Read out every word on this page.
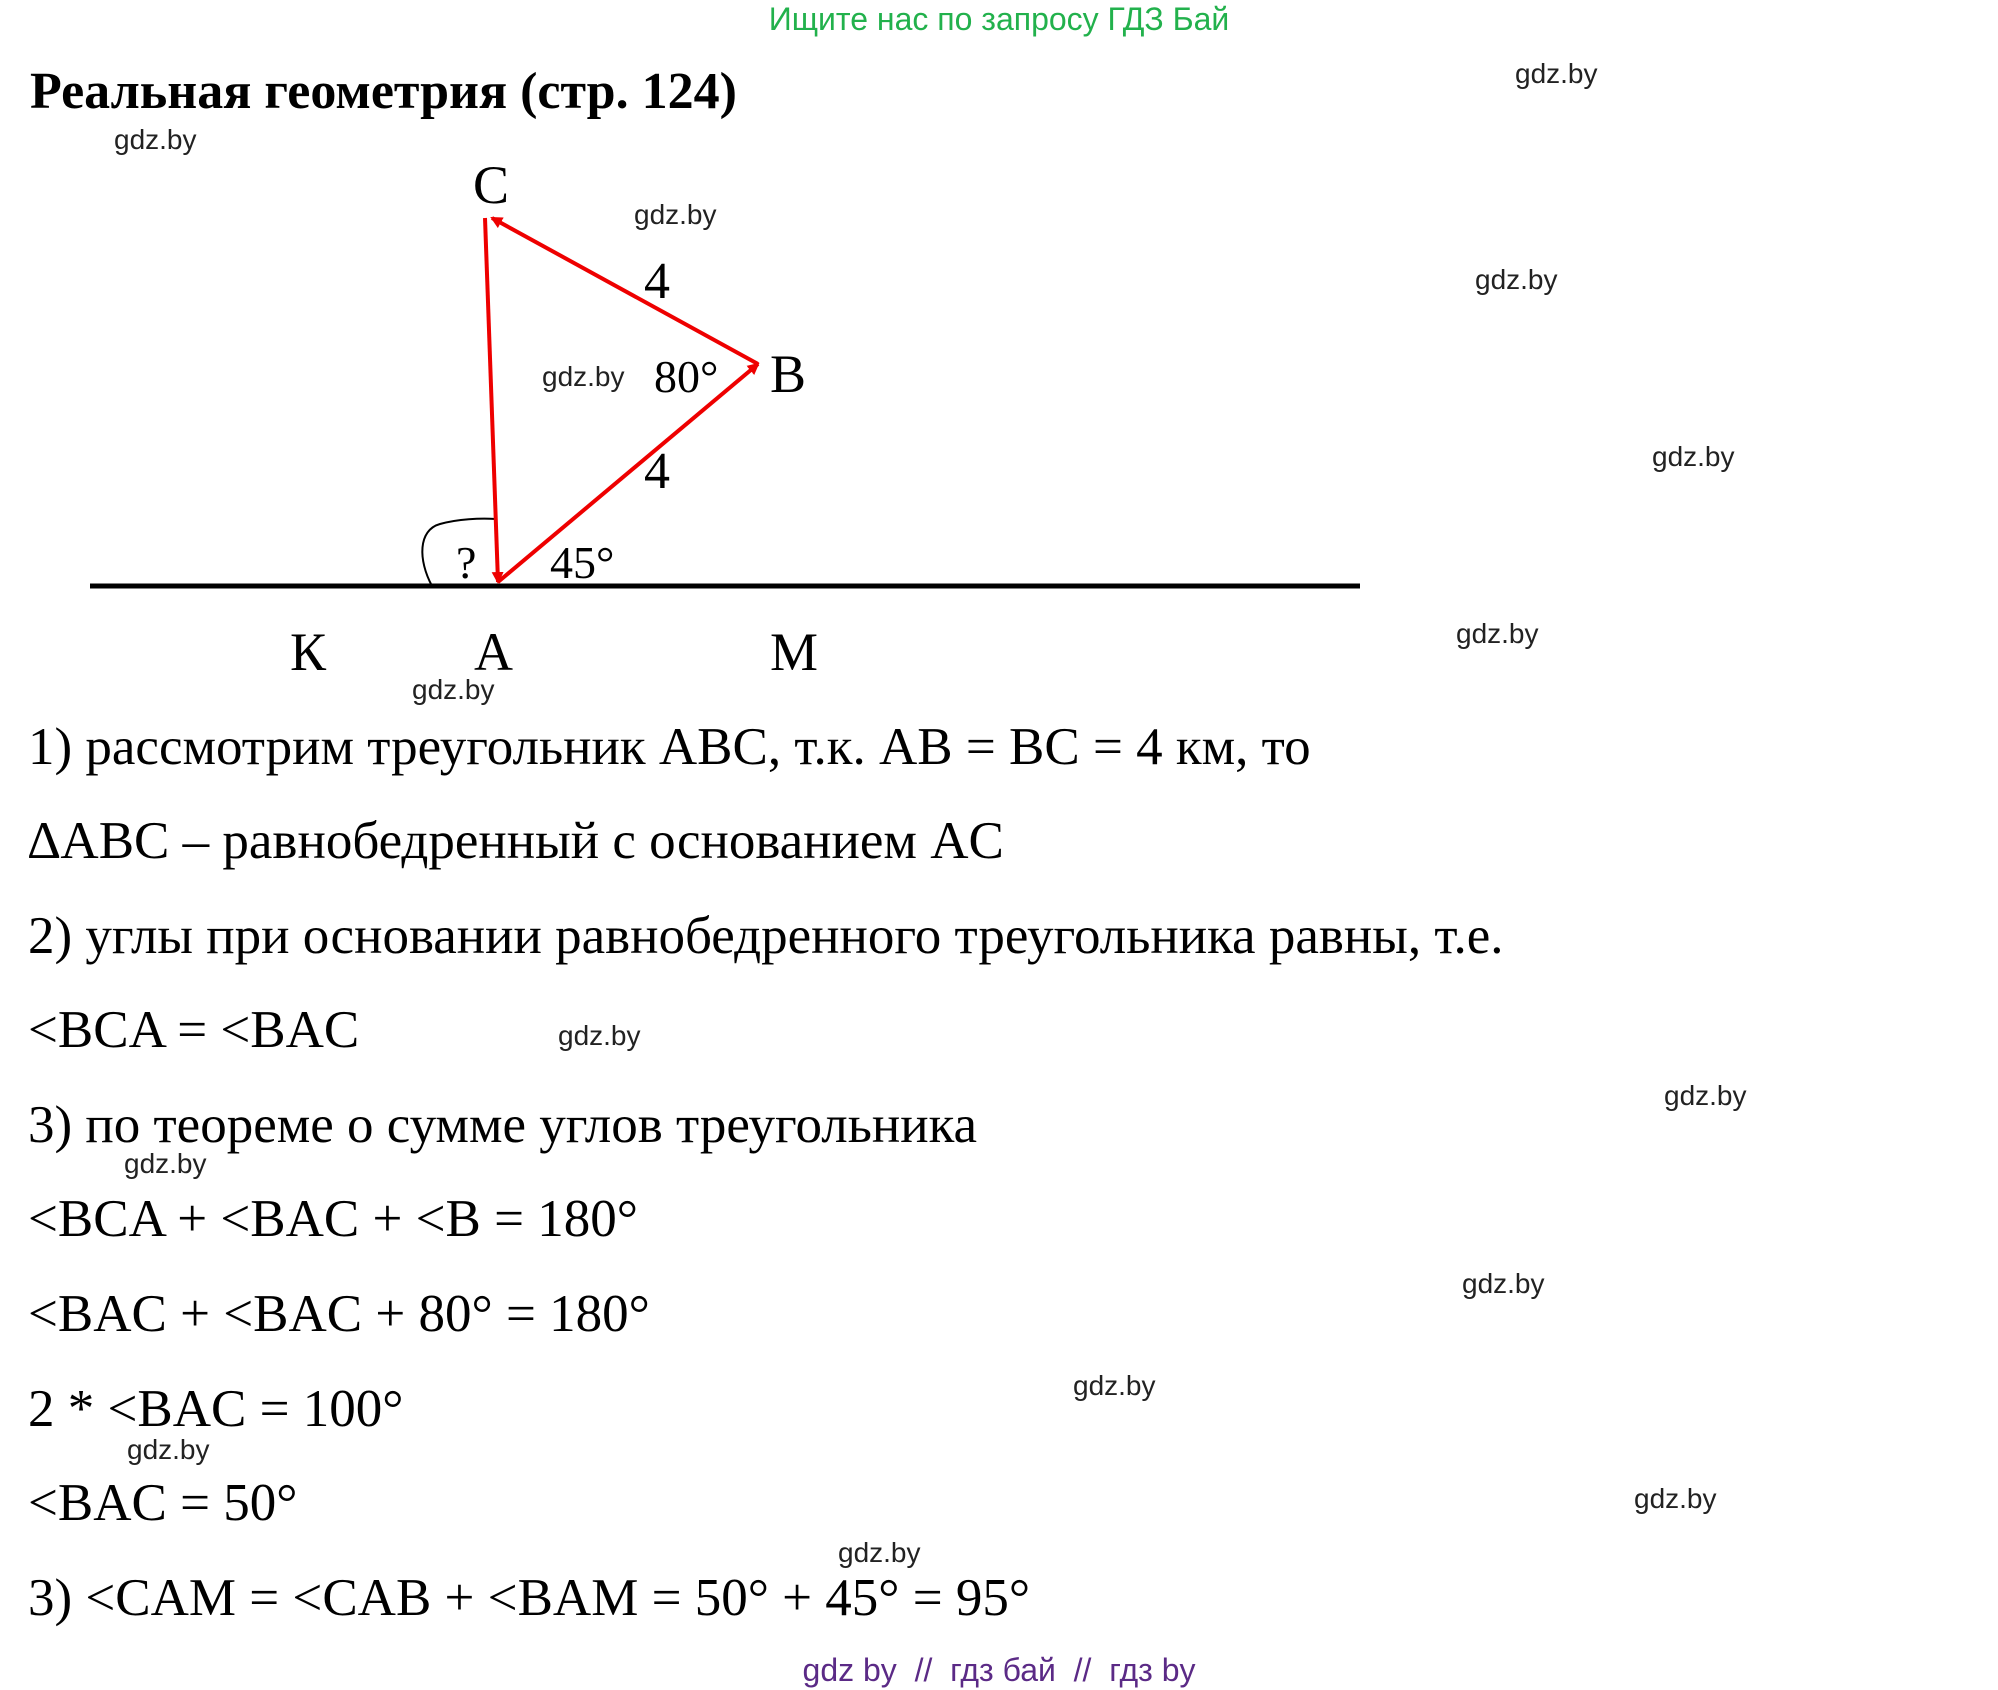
Ищите нас по запросу ГДЗ Бай
Реальная геометрия (стр. 124)
C
B
К	A	M
4
4
80°
45°
?
gdz.by
gdz.by
gdz.by
gdz.by
gdz.by
gdz.by
gdz.by
gdz.by
gdz.by
gdz.by
gdz.by
gdz.by
gdz.by
gdz.by
gdz.by
gdz.by
1) рассмотрим треугольник ABC, т.к. AB = BC = 4 км, то
∆ABC – равнобедренный с основанием AC
2) углы при основании равнобедренного треугольника равны, т.е.
<BCA = <BAC
3) по теореме о сумме углов треугольника
<BCA + <BAC + <B = 180°
<BAC + <BAC + 80° = 180°
2 * <BAC = 100°
<BAC = 50°
3) <CAM = <CAB + <BAM = 50° + 45° = 95°
gdz by  //  гдз бай  //  гдз by
